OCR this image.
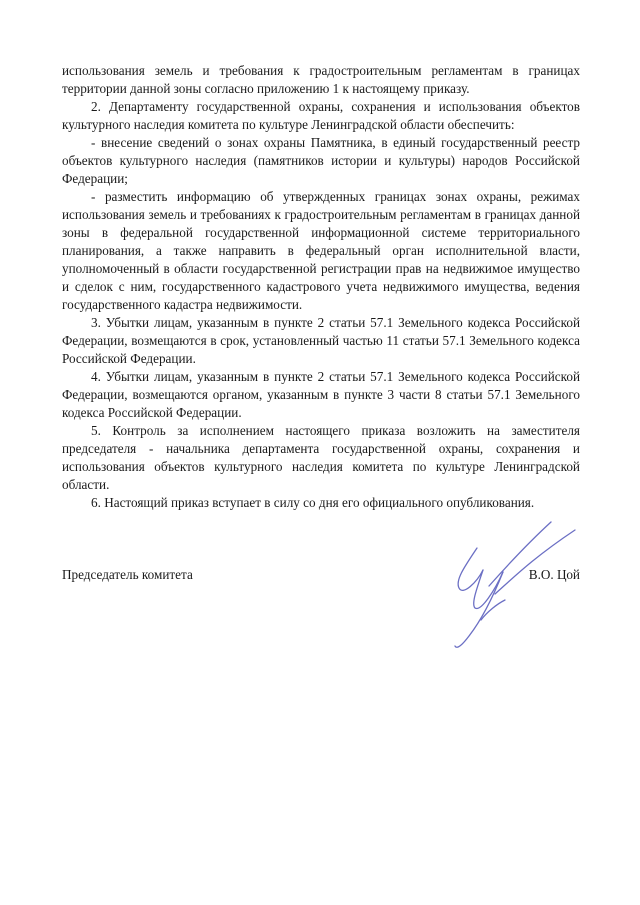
использования земель и требования к градостроительным регламентам в границах территории данной зоны согласно приложению 1 к настоящему приказу.

2. Департаменту государственной охраны, сохранения и использования объектов культурного наследия комитета по культуре Ленинградской области обеспечить:

- внесение сведений о зонах охраны Памятника, в единый государственный реестр объектов культурного наследия (памятников истории и культуры) народов Российской Федерации;

- разместить информацию об утвержденных границах зонах охраны, режимах использования земель и требованиях к градостроительным регламентам в границах данной зоны в федеральной государственной информационной системе территориального планирования, а также направить в федеральный орган исполнительной власти, уполномоченный в области государственной регистрации прав на недвижимое имущество и сделок с ним, государственного кадастрового учета недвижимого имущества, ведения государственного кадастра недвижимости.

3. Убытки лицам, указанным в пункте 2 статьи 57.1 Земельного кодекса Российской Федерации, возмещаются в срок, установленный частью 11 статьи 57.1 Земельного кодекса Российской Федерации.

4. Убытки лицам, указанным в пункте 2 статьи 57.1 Земельного кодекса Российской Федерации, возмещаются органом, указанным в пункте 3 части 8 статьи 57.1 Земельного кодекса Российской Федерации.

5. Контроль за исполнением настоящего приказа возложить на заместителя председателя - начальника департамента государственной охраны, сохранения и использования объектов культурного наследия комитета по культуре Ленинградской области.

6. Настоящий приказ вступает в силу со дня его официального опубликования.

Председатель комитета	В.О. Цой
